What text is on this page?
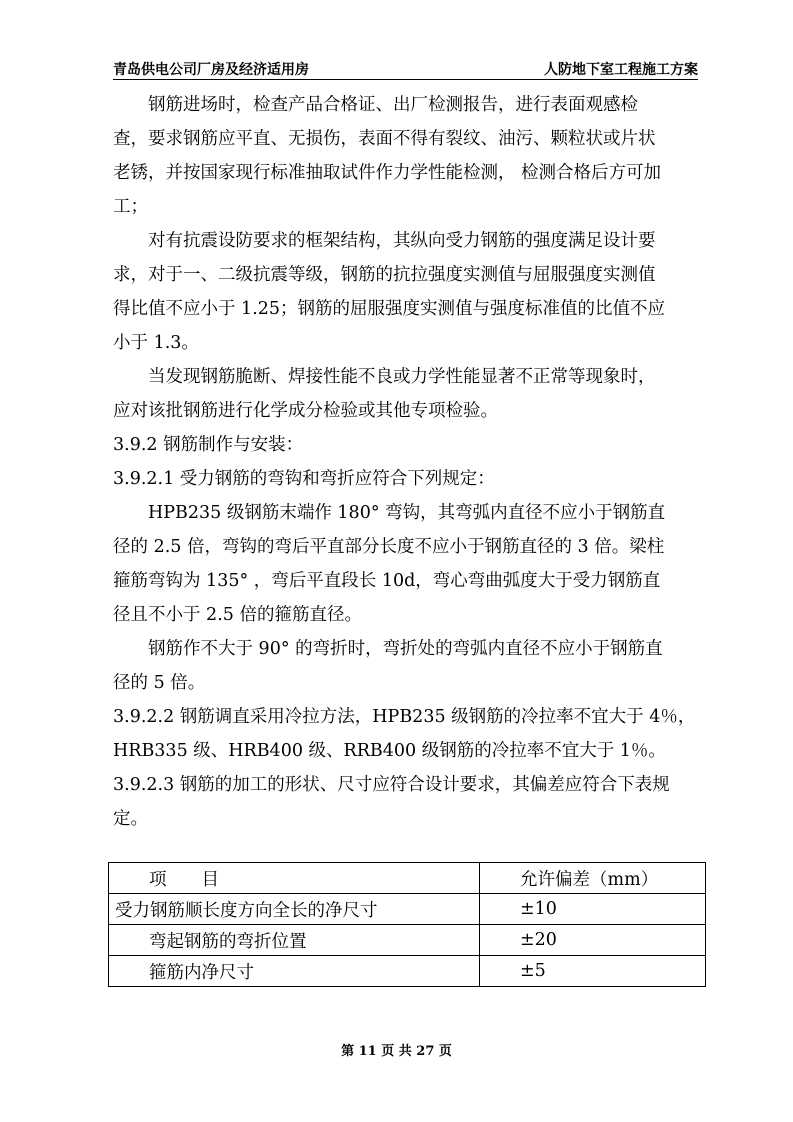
青岛供电公司厂房及经济适用房	人防地下室工程施工方案

钢筋进场时，检查产品合格证、出厂检测报告，进行表面观感检
查，要求钢筋应平直、无损伤，表面不得有裂纹、油污、颗粒状或片状
老锈，并按国家现行标准抽取试件作力学性能检测， 检测合格后方可加
工；

对有抗震设防要求的框架结构，其纵向受力钢筋的强度满足设计要
求，对于一、二级抗震等级，钢筋的抗拉强度实测值与屈服强度实测值
得比值不应小于 1.25；钢筋的屈服强度实测值与强度标准值的比值不应
小于 1.3。

当发现钢筋脆断、焊接性能不良或力学性能显著不正常等现象时，
应对该批钢筋进行化学成分检验或其他专项检验。

3.9.2 钢筋制作与安装：

3.9.2.1 受力钢筋的弯钩和弯折应符合下列规定：

HPB235 级钢筋末端作 180° 弯钩，其弯弧内直径不应小于钢筋直
径的 2.5 倍，弯钩的弯后平直部分长度不应小于钢筋直径的 3 倍。梁柱
箍筋弯钩为 135° ，弯后平直段长 10d，弯心弯曲弧度大于受力钢筋直
径且不小于 2.5 倍的箍筋直径。

钢筋作不大于 90° 的弯折时，弯折处的弯弧内直径不应小于钢筋直
径的 5 倍。

3.9.2.2 钢筋调直采用冷拉方法，HPB235 级钢筋的冷拉率不宜大于 4％，
HRB335 级、HRB400 级、RRB400 级钢筋的冷拉率不宜大于 1％。

3.9.2.3 钢筋的加工的形状、尺寸应符合设计要求，其偏差应符合下表规
定。

项　　目	允许偏差（mm）
受力钢筋顺长度方向全长的净尺寸	±10
弯起钢筋的弯折位置	±20
箍筋内净尺寸	±5
第 11 页 共 27 页
